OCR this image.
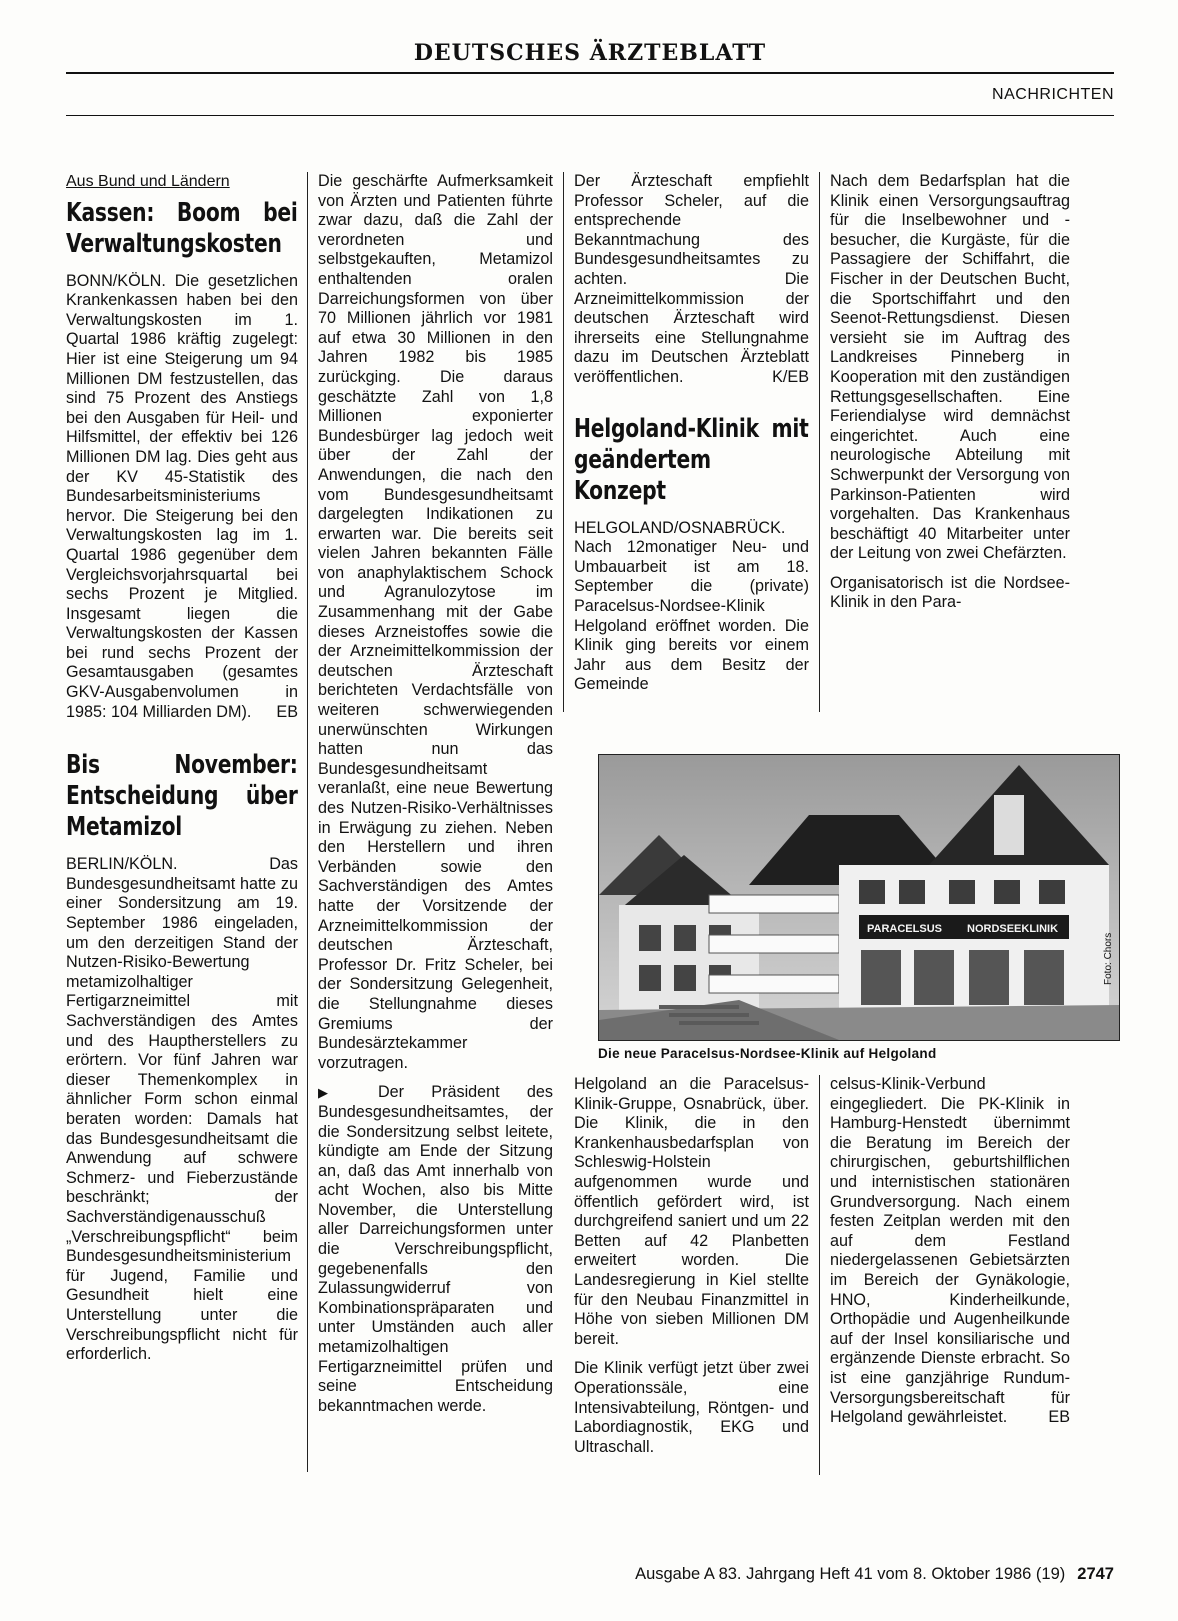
DEUTSCHES ÄRZTEBLATT
NACHRICHTEN
Aus Bund und Ländern
Kassen: Boom bei Verwaltungskosten

BONN/KÖLN. Die gesetzlichen Krankenkassen haben bei den Verwaltungskosten im 1. Quartal 1986 kräftig zugelegt: Hier ist eine Steigerung um 94 Millionen DM festzustellen, das sind 75 Prozent des Anstiegs bei den Ausgaben für Heil- und Hilfsmittel, der effektiv bei 126 Millionen DM lag. Dies geht aus der KV 45-Statistik des Bundesarbeitsministeriums hervor. Die Steigerung bei den Verwaltungskosten lag im 1. Quartal 1986 gegenüber dem Vergleichsvorjahrsquartal bei sechs Prozent je Mitglied. Insgesamt liegen die Verwaltungskosten der Kassen bei rund sechs Prozent der Gesamtausgaben (gesamtes GKV-Ausgabenvolumen in 1985: 104 Milliarden DM). EB

Bis November: Entscheidung über Metamizol

BERLIN/KÖLN. Das Bundesgesundheitsamt hatte zu einer Sondersitzung am 19. September 1986 eingeladen, um den derzeitigen Stand der Nutzen-Risiko-Bewertung metamizolhaltiger Fertigarzneimittel mit Sachverständigen des Amtes und des Hauptherstellers zu erörtern. Vor fünf Jahren war dieser Themenkomplex in ähnlicher Form schon einmal beraten worden: Damals hat das Bundesgesundheitsamt die Anwendung auf schwere Schmerz- und Fieberzustände beschränkt; der Sachverständigenausschuß „Verschreibungspflicht“ beim Bundesgesundheitsministerium für Jugend, Familie und Gesundheit hielt eine Unterstellung unter die Verschreibungspflicht nicht für erforderlich.

Die geschärfte Aufmerksamkeit von Ärzten und Patienten führte zwar dazu, daß die Zahl der verordneten und selbstgekauften, Metamizol enthaltenden oralen Darreichungsformen von über 70 Millionen jährlich vor 1981 auf etwa 30 Millionen in den Jahren 1982 bis 1985 zurückging. Die daraus geschätzte Zahl von 1,8 Millionen exponierter Bundesbürger lag jedoch weit über der Zahl der Anwendungen, die nach den vom Bundesgesundheitsamt dargelegten Indikationen zu erwarten war. Die bereits seit vielen Jahren bekannten Fälle von anaphylaktischem Schock und Agranulozytose im Zusammenhang mit der Gabe dieses Arzneistoffes sowie die der Arzneimittelkommission der deutschen Ärzteschaft berichteten Verdachtsfälle von weiteren schwerwiegenden unerwünschten Wirkungen hatten nun das Bundesgesundheitsamt veranlaßt, eine neue Bewertung des Nutzen-Risiko-Verhältnisses in Erwägung zu ziehen. Neben den Herstellern und ihren Verbänden sowie den Sachverständigen des Amtes hatte der Vorsitzende der Arzneimittelkommission der deutschen Ärzteschaft, Professor Dr. Fritz Scheler, bei der Sondersitzung Gelegenheit, die Stellungnahme dieses Gremiums der Bundesärztekammer vorzutragen.

▶ Der Präsident des Bundesgesundheitsamtes, der die Sondersitzung selbst leitete, kündigte am Ende der Sitzung an, daß das Amt innerhalb von acht Wochen, also bis Mitte November, die Unterstellung aller Darreichungsformen unter die Verschreibungspflicht, gegebenenfalls den Zulassungwiderruf von Kombinationspräparaten und unter Umständen auch aller metamizolhaltigen Fertigarzneimittel prüfen und seine Entscheidung bekanntmachen werde.

Der Ärzteschaft empfiehlt Professor Scheler, auf die entsprechende Bekanntmachung des Bundesgesundheitsamtes zu achten. Die Arzneimittelkommission der deutschen Ärzteschaft wird ihrerseits eine Stellungnahme dazu im Deutschen Ärzteblatt veröffentlichen.	K/EB

Helgoland-Klinik mit geändertem Konzept

HELGOLAND/OSNABRÜCK. Nach 12monatiger Neu- und Umbauarbeit ist am 18. September die (private) Paracelsus-Nordsee-Klinik Helgoland eröffnet worden. Die Klinik ging bereits vor einem Jahr aus dem Besitz der Gemeinde

Nach dem Bedarfsplan hat die Klinik einen Versorgungsauftrag für die Inselbewohner und -besucher, die Kurgäste, für die Passagiere der Schiffahrt, die Fischer in der Deutschen Bucht, die Sportschiffahrt und den Seenot-Rettungsdienst. Diesen versieht sie im Auftrag des Landkreises Pinneberg in Kooperation mit den zuständigen Rettungsgesellschaften. Eine Feriendialyse wird demnächst eingerichtet. Auch eine neurologische Abteilung mit Schwerpunkt der Versorgung von Parkinson-Patienten wird vorgehalten. Das Krankenhaus beschäftigt 40 Mitarbeiter unter der Leitung von zwei Chefärzten.

Organisatorisch ist die Nordsee-Klinik in den Para-

PARACELSUS NORDSEEKLINIK
Foto: Chors
Die neue Paracelsus-Nordsee-Klinik auf Helgoland

Helgoland an die Paracelsus-Klinik-Gruppe, Osnabrück, über. Die Klinik, die in den Krankenhausbedarfsplan von Schleswig-Holstein aufgenommen wurde und öffentlich gefördert wird, ist durchgreifend saniert und um 22 Betten auf 42 Planbetten erweitert worden. Die Landesregierung in Kiel stellte für den Neubau Finanzmittel in Höhe von sieben Millionen DM bereit.

Die Klinik verfügt jetzt über zwei Operationssäle, eine Intensivabteilung, Röntgen- und Labordiagnostik, EKG und Ultraschall.

celsus-Klinik-Verbund eingegliedert. Die PK-Klinik in Hamburg-Henstedt übernimmt die Beratung im Bereich der chirurgischen, geburtshilflichen und internistischen stationären Grundversorgung. Nach einem festen Zeitplan werden mit den auf dem Festland niedergelassenen Gebietsärzten im Bereich der Gynäkologie, HNO, Kinderheilkunde, Orthopädie und Augenheilkunde auf der Insel konsiliarische und ergänzende Dienste erbracht. So ist eine ganzjährige Rundum-Versorgungsbereitschaft für Helgoland gewährleistet.	EB

Ausgabe A 83. Jahrgang Heft 41 vom 8. Oktober 1986 (19) 2747
